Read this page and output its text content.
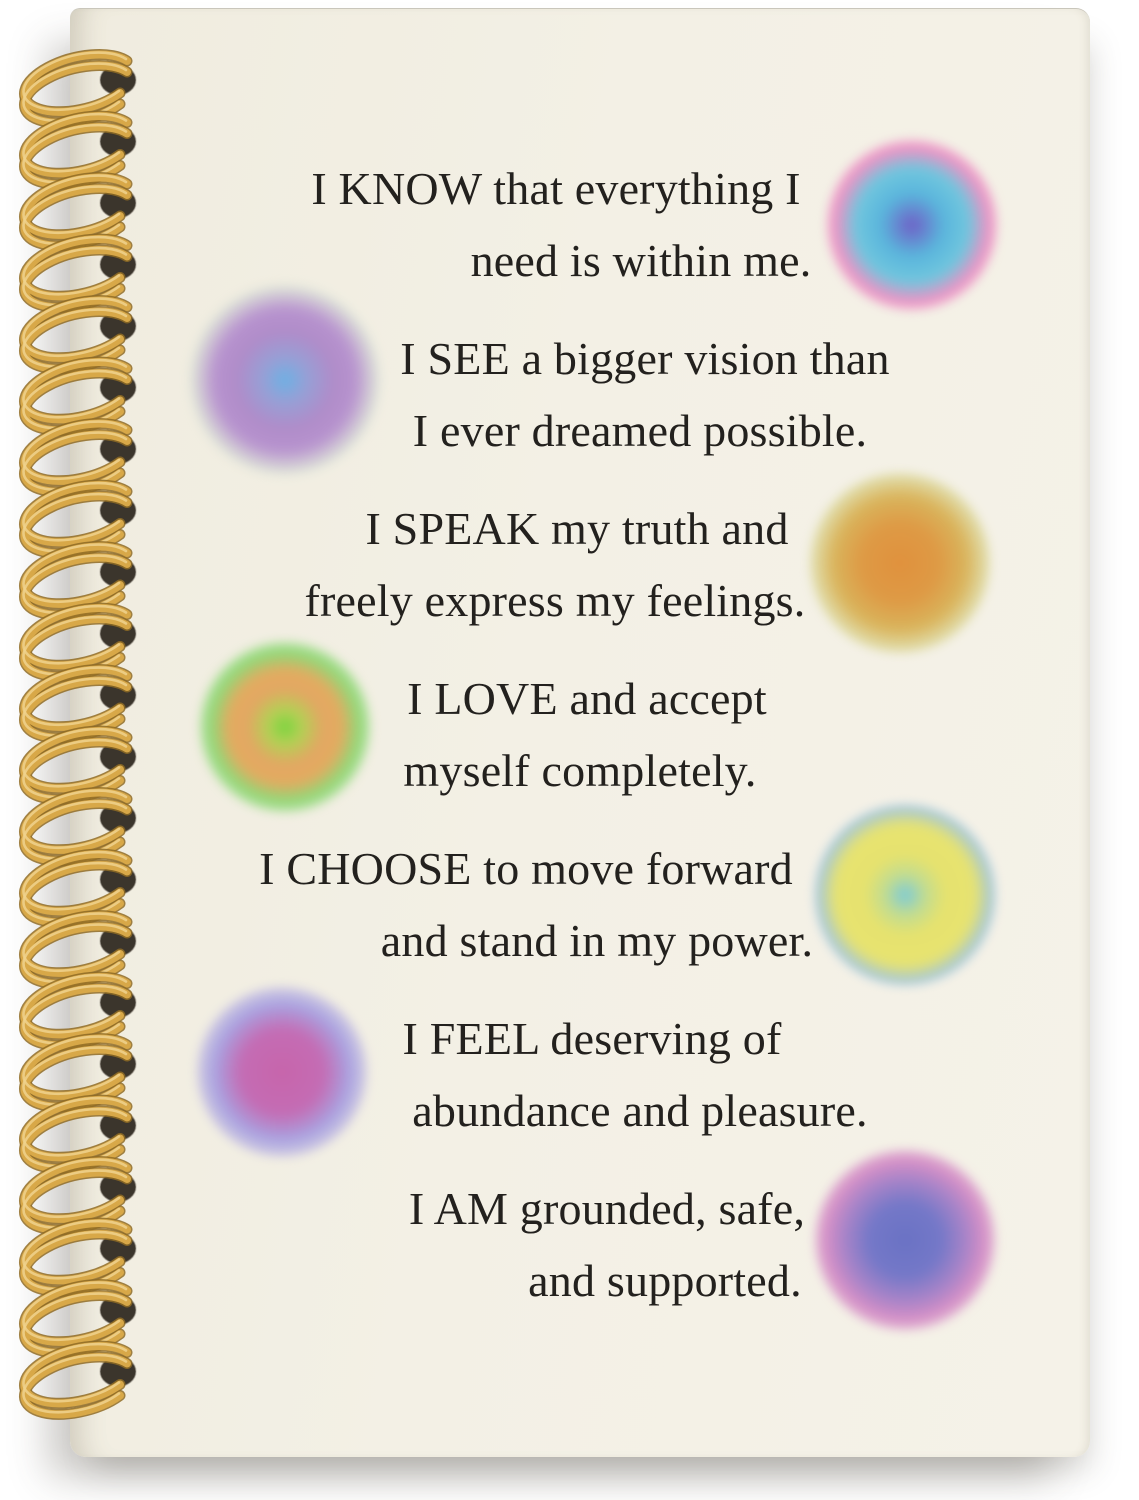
I KNOW that everything I
need is within me.
I SEE a bigger vision than
I ever dreamed possible.
I SPEAK my truth and
freely express my feelings.
I LOVE and accept
myself completely.
I CHOOSE to move forward
and stand in my power.
I FEEL deserving of
abundance and pleasure.
I AM grounded, safe,
and supported.
